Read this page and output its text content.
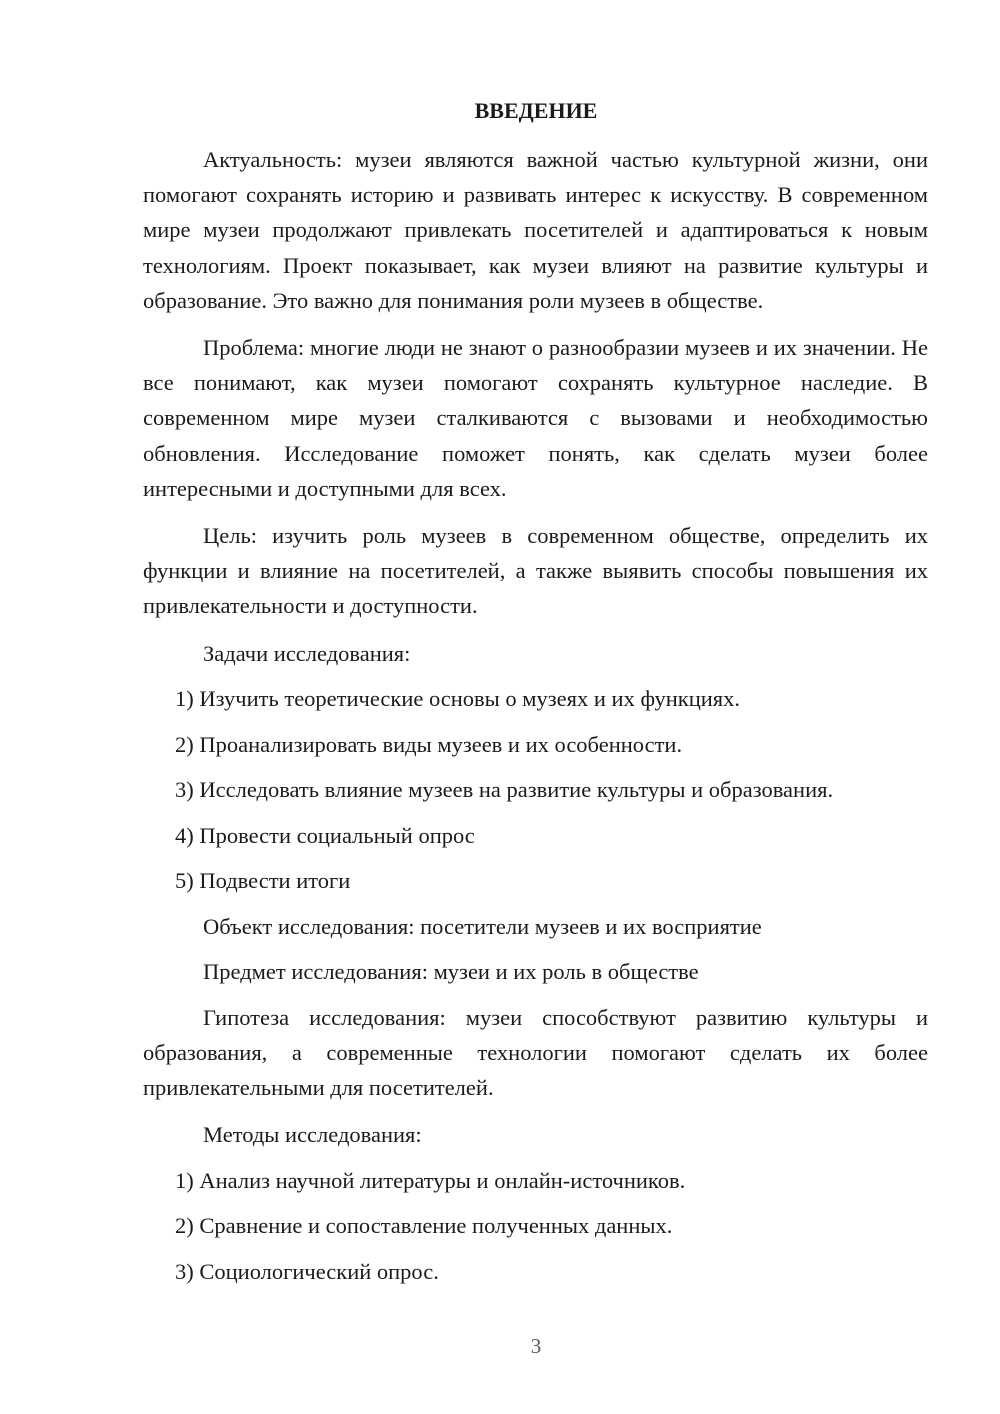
ВВЕДЕНИЕ

Актуальность: музеи являются важной частью культурной жизни, они помогают сохранять историю и развивать интерес к искусству. В современном мире музеи продолжают привлекать посетителей и адаптироваться к новым технологиям. Проект показывает, как музеи влияют на развитие культуры и образование. Это важно для понимания роли музеев в обществе.

Проблема: многие люди не знают о разнообразии музеев и их значении. Не все понимают, как музеи помогают сохранять культурное наследие. В современном мире музеи сталкиваются с вызовами и необходимостью обновления. Исследование поможет понять, как сделать музеи более интересными и доступными для всех.

Цель: изучить роль музеев в современном обществе, определить их функции и влияние на посетителей, а также выявить способы повышения их привлекательности и доступности.

Задачи исследования:

1) Изучить теоретические основы о музеях и их функциях.

2) Проанализировать виды музеев и их особенности.

3) Исследовать влияние музеев на развитие культуры и образования.

4) Провести социальный опрос

5) Подвести итоги

Объект исследования: посетители музеев и их восприятие

Предмет исследования: музеи и их роль в обществе

Гипотеза исследования: музеи способствуют развитию культуры и образования, а современные технологии помогают сделать их более привлекательными для посетителей.

Методы исследования:

1) Анализ научной литературы и онлайн-источников.

2) Сравнение и сопоставление полученных данных.

3) Социологический опрос.

3
